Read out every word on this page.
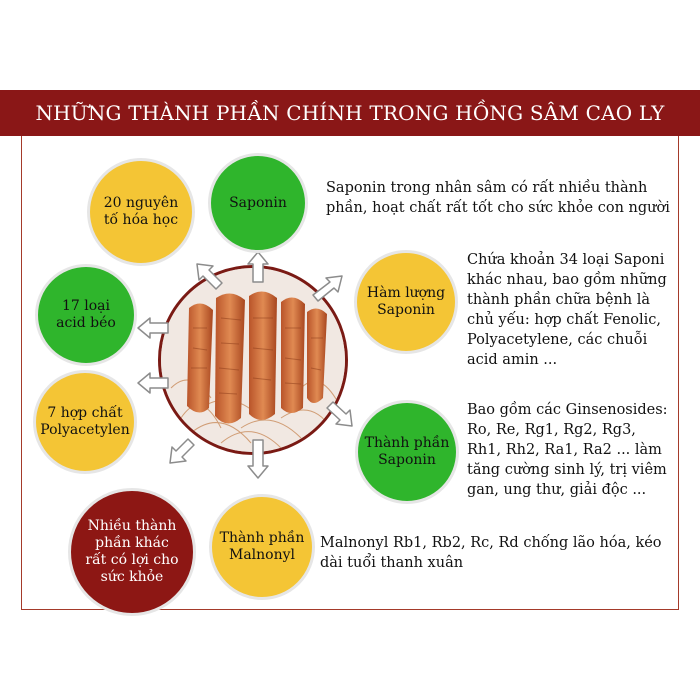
NHỮNG THÀNH PHẦN CHÍNH TRONG HỒNG SÂM CAO LY
20 nguyên
tố hóa học
Saponin
17 loại
acid béo
Hàm lượng
Saponin
7 hợp chất
Polyacetylen
Thành phần
Saponin
Nhiều thành
phần khác
rất có lợi cho
sức khỏe
Thành phần
Malnonyl
Saponin trong nhân sâm có rất nhiều thành
phần, hoạt chất rất tốt cho sức khỏe con người
Chứa khoản 34 loại Saponi
khác nhau, bao gồm những
thành phần chữa bệnh là
chủ yếu: hợp chất Fenolic,
Polyacetylene, các chuỗi
acid amin ...
Bao gồm các Ginsenosides:
Ro, Re, Rg1, Rg2, Rg3,
Rh1, Rh2, Ra1, Ra2 ... làm
tăng cường sinh lý, trị viêm
gan, ung thư, giải độc ...
Malnonyl Rb1, Rb2, Rc, Rd chống lão hóa, kéo
dài tuổi thanh xuân
